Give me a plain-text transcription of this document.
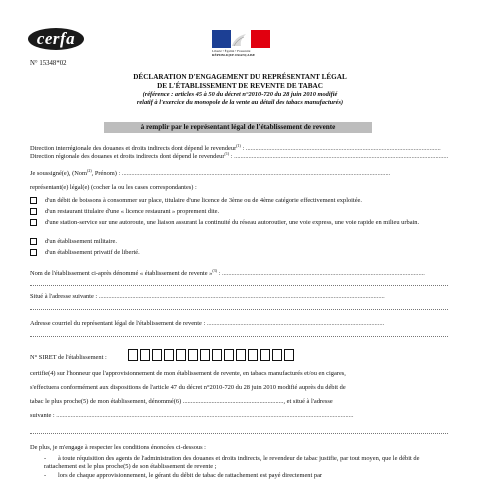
cerfa
N° 15348*02
Liberté • Égalité • Fraternité
RÉPUBLIQUE FRANÇAISE
DÉCLARATION D'ENGAGEMENT DU REPRÉSENTANT LÉGAL
DE L'ÉTABLISSEMENT DE REVENTE DE TABAC
(référence : articles 45 à 50 du décret n°2010-720 du 28 juin 2010 modifié
relatif à l'exercice du monopole de la vente au détail des tabacs manufacturés)
à remplir par le représentant légal de l'établissement de revente
Direction interrégionale des douanes et droits indirects dont dépend le revendeur$^{(1)}$ : ..........................................................................................................................
Direction régionale des douanes et droits indirects dont dépend le revendeur$^{(1)}$ : ......................................................................................................................................
Je soussigné(e), (Nom$^{(2)}$, Prénom) : ........................................................................................................................................................................
représentant(e) légal(e) (cocher la ou les cases correspondantes) :
d'un débit de boissons à consommer sur place, titulaire d'une licence de 3ème ou de 4ème catégorie effectivement exploitée.
d'un restaurant titulaire d'une « licence restaurant » proprement dite.
d'une station-service sur une autoroute, une liaison assurant la continuité du réseau autoroutier, une voie express, une voie rapide en milieu urbain.
d'un établissement militaire.
d'un établissement privatif de liberté.
Nom de l'établissement ci-après dénommé « établissement de revente »$^{(3)}$ : ...............................................................................................................................
Situé à l'adresse suivante : ...................................................................................................................................................................................
Adresse courriel du représentant légal de l'établissement de revente : ...............................................................................................................
N° SIRET de l'établissement :
certifie(4) sur l'honneur que l'approvisionnement de mon établissement de revente, en tabacs manufacturés et/ou en cigares,
s'effectuera conformément aux dispositions de l'article 47 du décret n°2010-720 du 28 juin 2010 modifié auprès du débit de
tabac le plus proche(5) de mon établissement, dénommé(6) ..............................................................., et situé à l'adresse
suivante : ..........................................................................................................................................................................................
De plus, je m'engage à respecter les conditions énoncées ci-dessous :
- à toute réquisition des agents de l'administration des douanes et droits indirects, le revendeur de tabac justifie, par tout moyen, que le débit de rattachement est le plus proche(5) de son établissement de revente ;
- lors de chaque approvisionnement, le gérant du débit de tabac de rattachement est payé directement par
